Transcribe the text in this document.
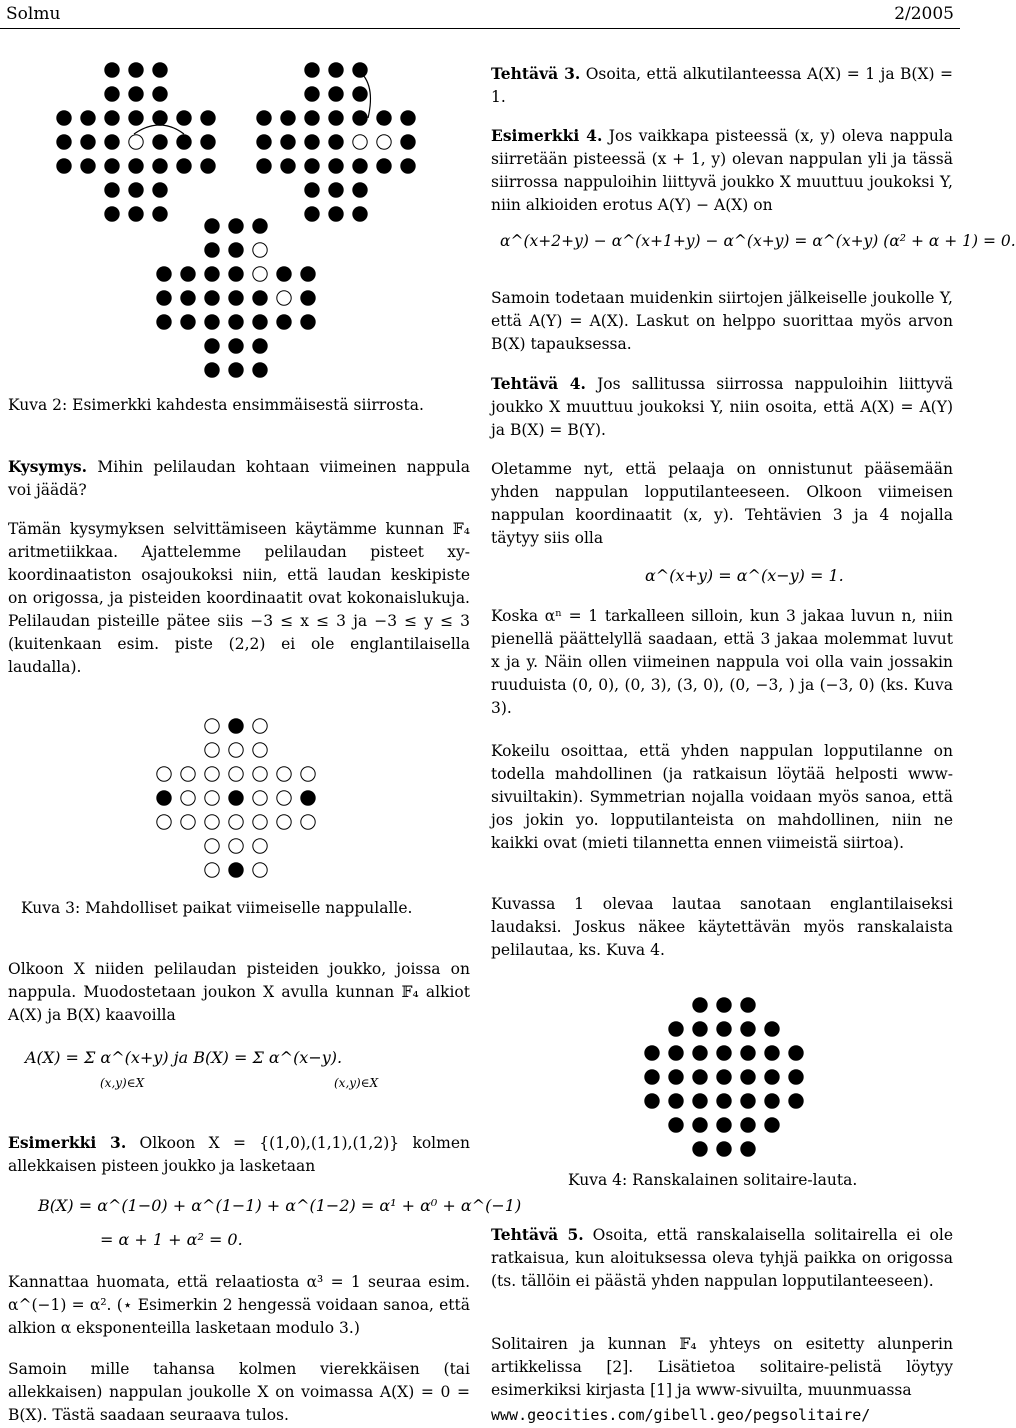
Solmu	2/2005

Kuva 2: Esimerkki kahdesta ensimmäisestä siirrosta.

Kysymys. Mihin pelilaudan kohtaan viimeinen nappula voi jäädä?

Tämän kysymyksen selvittämiseen käytämme kunnan 𝔽₄ aritmetiikkaa. Ajattelemme pelilaudan pisteet xy-koordinaatiston osajoukoksi niin, että laudan keskipiste on origossa, ja pisteiden koordinaatit ovat kokonaislukuja. Pelilaudan pisteille pätee siis −3 ≤ x ≤ 3 ja −3 ≤ y ≤ 3 (kuitenkaan esim. piste (2,2) ei ole englantilaisella laudalla).

Kuva 3: Mahdolliset paikat viimeiselle nappulalle.

Olkoon X niiden pelilaudan pisteiden joukko, joissa on nappula. Muodostetaan joukon X avulla kunnan 𝔽₄ alkiot A(X) ja B(X) kaavoilla

A(X) = Σ α^(x+y) ja B(X) = Σ α^(x−y).
(x,y)∈X	(x,y)∈X

Esimerkki 3. Olkoon X = {(1,0),(1,1),(1,2)} kolmen allekkaisen pisteen joukko ja lasketaan

B(X) = α^(1−0) + α^(1−1) + α^(1−2) = α¹ + α⁰ + α^(−1)
= α + 1 + α² = 0.

Kannattaa huomata, että relaatiosta α³ = 1 seuraa esim. α^(−1) = α². (⋆ Esimerkin 2 hengessä voidaan sanoa, että alkion α eksponenteilla lasketaan modulo 3.)

Samoin mille tahansa kolmen vierekkäisen (tai allekkaisen) nappulan joukolle X on voimassa A(X) = 0 = B(X). Tästä saadaan seuraava tulos.

Tehtävä 3. Osoita, että alkutilanteessa A(X) = 1 ja B(X) = 1.

Esimerkki 4. Jos vaikkapa pisteessä (x, y) oleva nappula siirretään pisteessä (x + 1, y) olevan nappulan yli ja tässä siirrossa nappuloihin liittyvä joukko X muuttuu joukoksi Y, niin alkioiden erotus A(Y) − A(X) on

α^(x+2+y) − α^(x+1+y) − α^(x+y) = α^(x+y) (α² + α + 1) = 0.

Samoin todetaan muidenkin siirtojen jälkeiselle joukolle Y, että A(Y) = A(X). Laskut on helppo suorittaa myös arvon B(X) tapauksessa.

Tehtävä 4. Jos sallitussa siirrossa nappuloihin liittyvä joukko X muuttuu joukoksi Y, niin osoita, että A(X) = A(Y) ja B(X) = B(Y).

Oletamme nyt, että pelaaja on onnistunut pääsemään yhden nappulan lopputilanteeseen. Olkoon viimeisen nappulan koordinaatit (x, y). Tehtävien 3 ja 4 nojalla täytyy siis olla

α^(x+y) = α^(x−y) = 1.

Koska αⁿ = 1 tarkalleen silloin, kun 3 jakaa luvun n, niin pienellä päättelyllä saadaan, että 3 jakaa molemmat luvut x ja y. Näin ollen viimeinen nappula voi olla vain jossakin ruuduista (0, 0), (0, 3), (3, 0), (0, −3, ) ja (−3, 0) (ks. Kuva 3).

Kokeilu osoittaa, että yhden nappulan lopputilanne on todella mahdollinen (ja ratkaisun löytää helposti www-sivuiltakin). Symmetrian nojalla voidaan myös sanoa, että jos jokin yo. lopputilanteista on mahdollinen, niin ne kaikki ovat (mieti tilannetta ennen viimeistä siirtoa).

Kuvassa 1 olevaa lautaa sanotaan englantilaiseksi laudaksi. Joskus näkee käytettävän myös ranskalaista pelilautaa, ks. Kuva 4.

Kuva 4: Ranskalainen solitaire-lauta.

Tehtävä 5. Osoita, että ranskalaisella solitairella ei ole ratkaisua, kun aloituksessa oleva tyhjä paikka on origossa (ts. tällöin ei päästä yhden nappulan lopputilanteeseen).

Solitairen ja kunnan 𝔽₄ yhteys on esitetty alunperin artikkelissa [2]. Lisätietoa solitaire-pelistä löytyy esimerkiksi kirjasta [1] ja www-sivuilta, muunmuassa

www.geocities.com/gibell.geo/pegsolitaire/
